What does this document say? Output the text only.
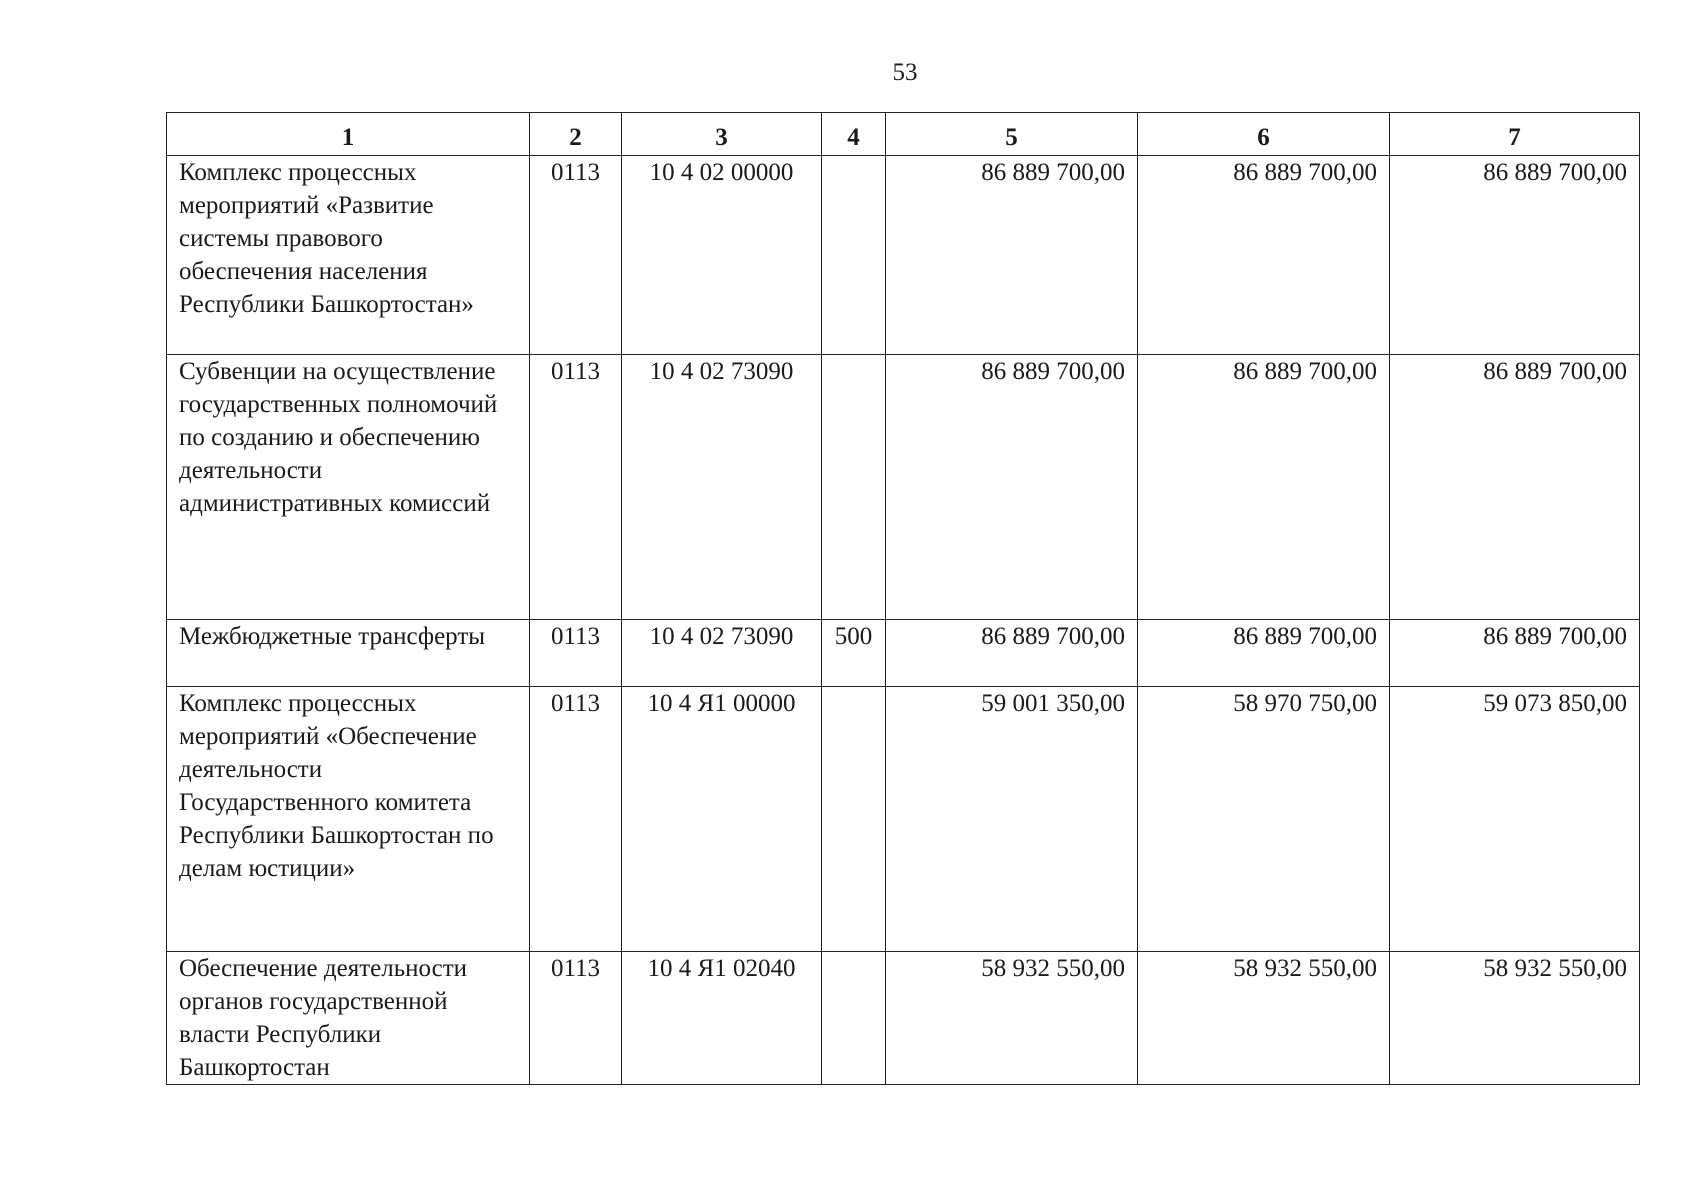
53
1	2	3	4	5	6	7
Комплекс процессных мероприятий «Развитие системы правового обеспечения населения Республики Башкортостан»	0113	10 4 02 00000		86 889 700,00	86 889 700,00	86 889 700,00
Субвенции на осуществление государственных полномочий по созданию и обеспечению деятельности административных комиссий	0113	10 4 02 73090		86 889 700,00	86 889 700,00	86 889 700,00
Межбюджетные трансферты	0113	10 4 02 73090	500	86 889 700,00	86 889 700,00	86 889 700,00
Комплекс процессных мероприятий «Обеспечение деятельности Государственного комитета Республики Башкортостан по делам юстиции»	0113	10 4 Я1 00000		59 001 350,00	58 970 750,00	59 073 850,00
Обеспечение деятельности органов государственной власти Республики Башкортостан	0113	10 4 Я1 02040		58 932 550,00	58 932 550,00	58 932 550,00
